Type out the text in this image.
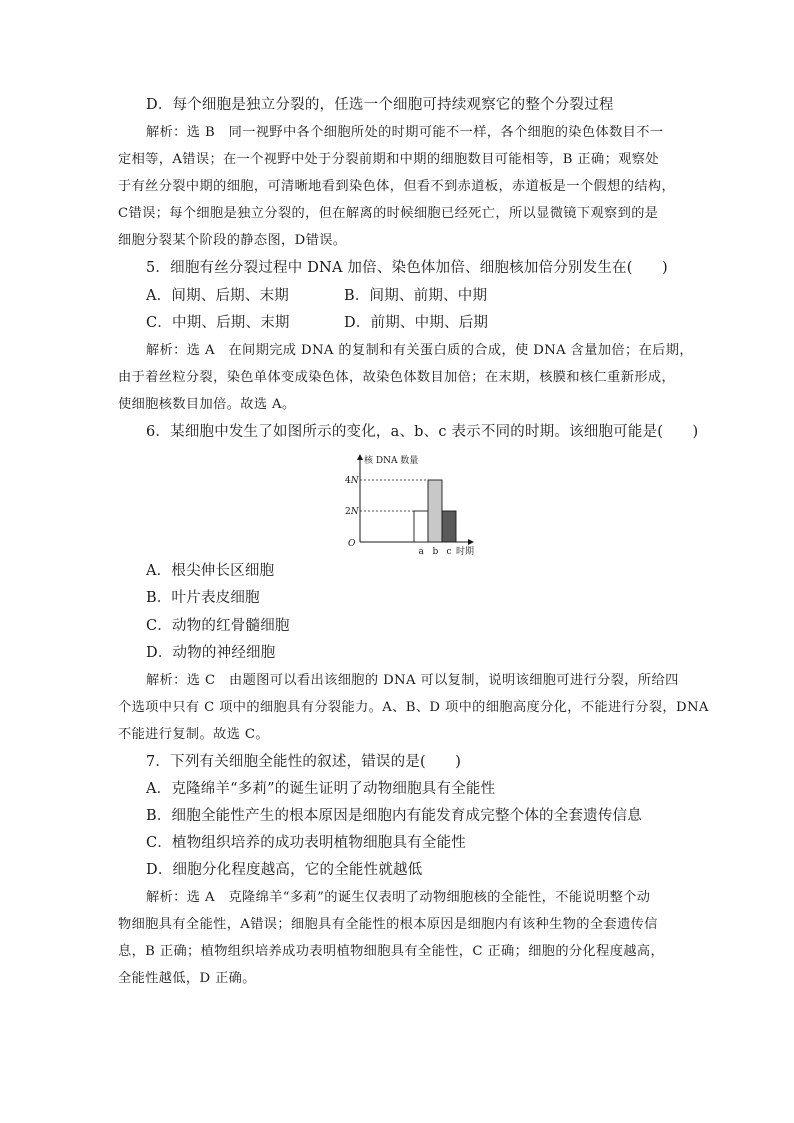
D．每个细胞是独立分裂的，任选一个细胞可持续观察它的整个分裂过程
解析：选 B　同一视野中各个细胞所处的时期可能不一样，各个细胞的染色体数目不一
定相等，A错误；在一个视野中处于分裂前期和中期的细胞数目可能相等，B 正确；观察处
于有丝分裂中期的细胞，可清晰地看到染色体，但看不到赤道板，赤道板是一个假想的结构，
C错误；每个细胞是独立分裂的，但在解离的时候细胞已经死亡，所以显微镜下观察到的是
细胞分裂某个阶段的静态图，D错误。
5．细胞有丝分裂过程中 DNA 加倍、染色体加倍、细胞核加倍分别发生在(　　)
A．间期、后期、末期	B．间期、前期、中期
C．中期、后期、末期	D．前期、中期、后期
解析：选 A　在间期完成 DNA 的复制和有关蛋白质的合成，使 DNA 含量加倍；在后期，
由于着丝粒分裂，染色单体变成染色体，故染色体数目加倍；在末期，核膜和核仁重新形成，
使细胞核数目加倍。故选 A。
6．某细胞中发生了如图所示的变化，a、b、c 表示不同的时期。该细胞可能是(　　)
核 DNA 数量
时期
O
a b c
2N
4N
A．根尖伸长区细胞
B．叶片表皮细胞
C．动物的红骨髓细胞
D．动物的神经细胞
解析：选 C　由题图可以看出该细胞的 DNA 可以复制，说明该细胞可进行分裂，所给四
个选项中只有 C 项中的细胞具有分裂能力。A、B、D 项中的细胞高度分化，不能进行分裂，DNA
不能进行复制。故选 C。
7．下列有关细胞全能性的叙述，错误的是(　　)
A．克隆绵羊“多莉”的诞生证明了动物细胞具有全能性
B．细胞全能性产生的根本原因是细胞内有能发育成完整个体的全套遗传信息
C．植物组织培养的成功表明植物细胞具有全能性
D．细胞分化程度越高，它的全能性就越低
解析：选 A　克隆绵羊“多莉”的诞生仅表明了动物细胞核的全能性，不能说明整个动
物细胞具有全能性，A错误；细胞具有全能性的根本原因是细胞内有该种生物的全套遗传信
息，B 正确；植物组织培养成功表明植物细胞具有全能性，C 正确；细胞的分化程度越高，
全能性越低，D 正确。
